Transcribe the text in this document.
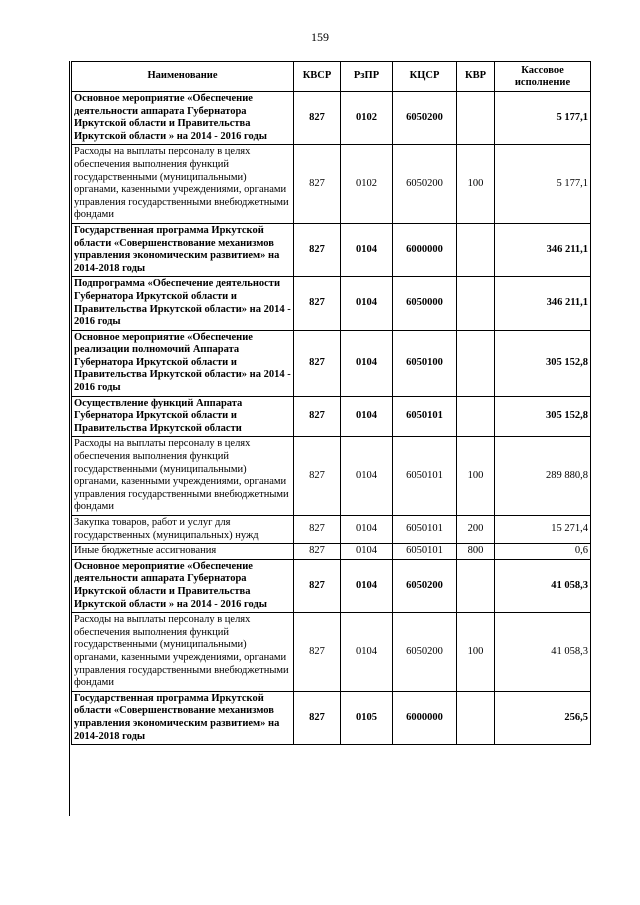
159
Наименование	КВСР	РзПР	КЦСР	КВР	Кассовое исполнение
Основное мероприятие «Обеспечение деятельности аппарата Губернатора Иркутской области и Правительства Иркутской области » на 2014 - 2016 годы	827	0102	6050200		5 177,1
Расходы на выплаты персоналу в целях обеспечения выполнения функций государственными (муниципальными) органами, казенными учреждениями, органами управления государственными внебюджетными фондами	827	0102	6050200	100	5 177,1
Государственная программа Иркутской области «Совершенствование механизмов управления экономическим развитием» на 2014-2018 годы	827	0104	6000000		346 211,1
Подпрограмма «Обеспечение деятельности Губернатора Иркутской области и Правительства Иркутской области» на 2014 - 2016 годы	827	0104	6050000		346 211,1
Основное мероприятие «Обеспечение реализации полномочий Аппарата Губернатора Иркутской области и Правительства Иркутской области» на 2014 - 2016 годы	827	0104	6050100		305 152,8
Осуществление функций Аппарата Губернатора Иркутской области и Правительства Иркутской области	827	0104	6050101		305 152,8
Расходы на выплаты персоналу в целях обеспечения выполнения функций государственными (муниципальными) органами, казенными учреждениями, органами управления государственными внебюджетными фондами	827	0104	6050101	100	289 880,8
Закупка товаров, работ и услуг для государственных (муниципальных) нужд	827	0104	6050101	200	15 271,4
Иные бюджетные ассигнования	827	0104	6050101	800	0,6
Основное мероприятие «Обеспечение деятельности аппарата Губернатора Иркутской области и Правительства Иркутской области » на 2014 - 2016 годы	827	0104	6050200		41 058,3
Расходы на выплаты персоналу в целях обеспечения выполнения функций государственными (муниципальными) органами, казенными учреждениями, органами управления государственными внебюджетными фондами	827	0104	6050200	100	41 058,3
Государственная программа Иркутской области «Совершенствование механизмов управления экономическим развитием» на 2014-2018 годы	827	0105	6000000		256,5
